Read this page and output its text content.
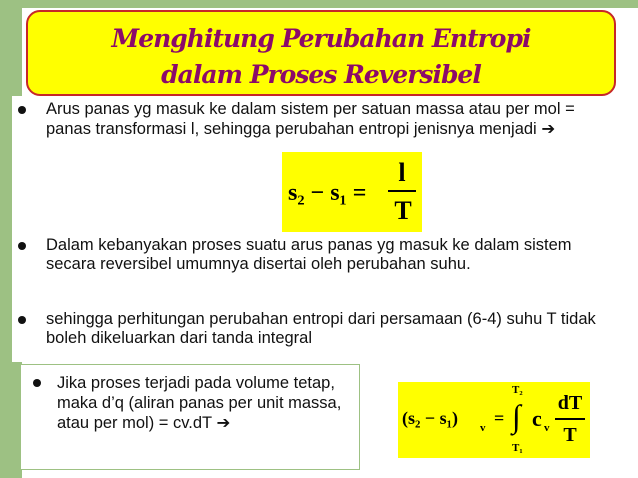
Menghitung Perubahan Entropi
dalam Proses Reversibel
Arus panas yg masuk ke dalam sistem per satuan massa atau per mol = panas transformasi l, sehingga perubahan entropi jenisnya menjadi ➔
s₂ − s₁ =
l
T
Dalam kebanyakan proses suatu arus panas yg masuk ke dalam sistem secara reversibel umumnya disertai oleh perubahan suhu.
sehingga perhitungan perubahan entropi dari persamaan (6-4) suhu T tidak boleh dikeluarkan dari tanda integral
Jika proses terjadi pada volume tetap, maka d’q (aliran panas per unit massa, atau per mol) = cv.dT ➔	(s₂ − s₁) v =
T₂
∫
T₁
c v
dT
T
